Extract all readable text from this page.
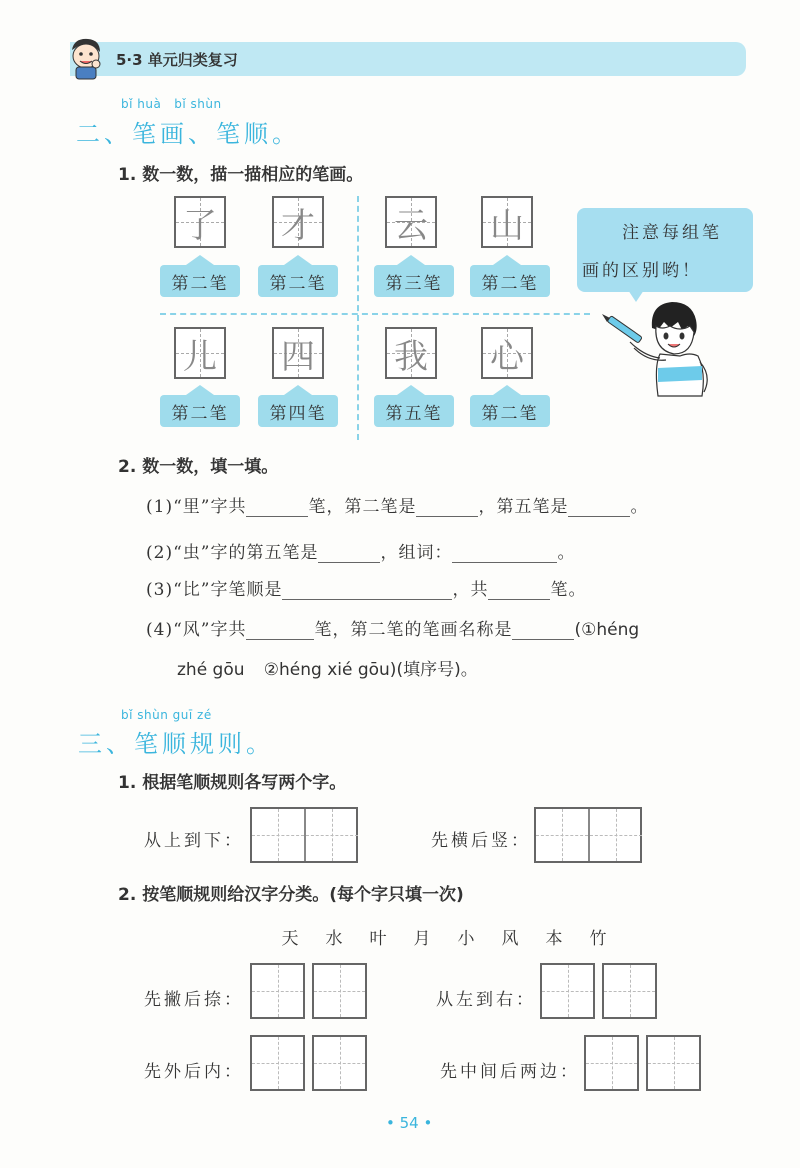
5·3 单元归类复习
bǐ huà   bǐ shùn
二、笔画、笔顺。
1. 数一数，描一描相应的笔画。
了
第二笔
才
第二笔
云
第三笔
山
第二笔
儿
第二笔
四
第四笔
我
第五笔
心
第二笔
注意每组笔
画的区别哟！
2. 数一数，填一填。
(1)“里”字共	笔，第二笔是	，第五笔是	。
(2)“虫”字的第五笔是	，组词：	。
(3)“比”字笔顺是	，共	笔。
(4)“风”字共	笔，第二笔的笔画名称是	(①héng
zhé gōu ②héng xié gōu)(填序号)。
bǐ shùn guī zé
三、笔顺规则。
1. 根据笔顺规则各写两个字。
从上到下：	先横后竖：
2. 按笔顺规则给汉字分类。(每个字只填一次)
天 水 叶 月 小 风 本 竹
先撇后捺：	从左到右：
先外后内：	先中间后两边：
• 54 •
